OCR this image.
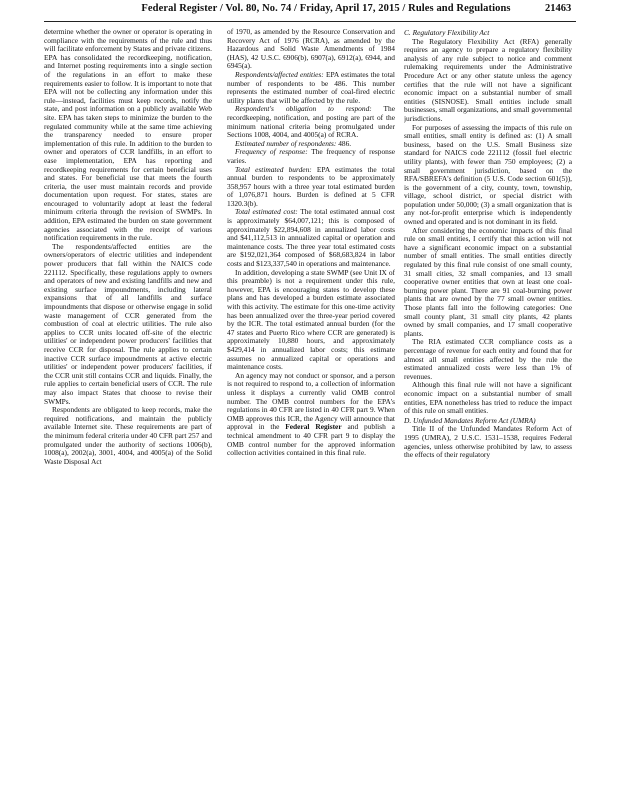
Federal Register / Vol. 80, No. 74 / Friday, April 17, 2015 / Rules and Regulations	21463

determine whether the owner or operator is operating in compliance with the requirements of the rule and thus will facilitate enforcement by States and private citizens. EPA has consolidated the recordkeeping, notification, and Internet posting requirements into a single section of the regulations in an effort to make these requirements easier to follow. It is important to note that EPA will not be collecting any information under this rule—instead, facilities must keep records, notify the state, and post information on a publicly available Web site. EPA has taken steps to minimize the burden to the regulated community while at the same time achieving the transparency needed to ensure proper implementation of this rule. In addition to the burden to owner and operators of CCR landfills, in an effort to ease implementation, EPA has reporting and recordkeeping requirements for certain beneficial uses and states. For beneficial use that meets the fourth criteria, the user must maintain records and provide documentation upon request. For states, states are encouraged to voluntarily adopt at least the federal minimum criteria through the revision of SWMPs. In addition, EPA estimated the burden on state government agencies associated with the receipt of various notification requirements in the rule.

The respondents/affected entities are the owners/operators of electric utilities and independent power producers that fall within the NAICS code 221112. Specifically, these regulations apply to owners and operators of new and existing landfills and new and existing surface impoundments, including lateral expansions that of all landfills and surface impoundments that dispose or otherwise engage in solid waste management of CCR generated from the combustion of coal at electric utilities. The rule also applies to CCR units located off-site of the electric utilities' or independent power producers' facilities that receive CCR for disposal. The rule applies to certain inactive CCR surface impoundments at active electric utilities' or independent power producers' facilities, if the CCR unit still contains CCR and liquids. Finally, the rule applies to certain beneficial users of CCR. The rule may also impact States that choose to revise their SWMPs.

Respondents are obligated to keep records, make the required notifications, and maintain the publicly available Internet site. These requirements are part of the minimum federal criteria under 40 CFR part 257 and promulgated under the authority of sections 1006(b), 1008(a), 2002(a), 3001, 4004, and 4005(a) of the Solid Waste Disposal Act

of 1970, as amended by the Resource Conservation and Recovery Act of 1976 (RCRA), as amended by the Hazardous and Solid Waste Amendments of 1984 (HAS), 42 U.S.C. 6906(b), 6907(a), 6912(a), 6944, and 6945(a).

Respondents/affected entities: EPA estimates the total number of respondents to be 486. This number represents the estimated number of coal-fired electric utility plants that will be affected by the rule.

Respondent's obligation to respond: The recordkeeping, notification, and posting are part of the minimum national criteria being promulgated under Sections 1008, 4004, and 4005(a) of RCRA.

Estimated number of respondents: 486.

Frequency of response: The frequency of response varies.

Total estimated burden: EPA estimates the total annual burden to respondents to be approximately 358,957 hours with a three year total estimated burden of 1,076,871 hours. Burden is defined at 5 CFR 1320.3(b).

Total estimated cost: The total estimated annual cost is approximately $64,007,121; this is composed of approximately $22,894,608 in annualized labor costs and $41,112,513 in annualized capital or operation and maintenance costs. The three year total estimated costs are $192,021,364 composed of $68,683,824 in labor costs and $123,337,540 in operations and maintenance.

In addition, developing a state SWMP (see Unit IX of this preamble) is not a requirement under this rule, however, EPA is encouraging states to develop these plans and has developed a burden estimate associated with this activity. The estimate for this one-time activity has been annualized over the three-year period covered by the ICR. The total estimated annual burden (for the 47 states and Puerto Rico where CCR are generated) is approximately 10,880 hours, and approximately $429,414 in annualized labor costs; this estimate assumes no annualized capital or operations and maintenance costs.

An agency may not conduct or sponsor, and a person is not required to respond to, a collection of information unless it displays a currently valid OMB control number. The OMB control numbers for the EPA's regulations in 40 CFR are listed in 40 CFR part 9. When OMB approves this ICR, the Agency will announce that approval in the Federal Register and publish a technical amendment to 40 CFR part 9 to display the OMB control number for the approved information collection activities contained in this final rule.

C. Regulatory Flexibility Act

The Regulatory Flexibility Act (RFA) generally requires an agency to prepare a regulatory flexibility analysis of any rule subject to notice and comment rulemaking requirements under the Administrative Procedure Act or any other statute unless the agency certifies that the rule will not have a significant economic impact on a substantial number of small entities (SISNOSE). Small entities include small businesses, small organizations, and small governmental jurisdictions.

For purposes of assessing the impacts of this rule on small entities, small entity is defined as: (1) A small business, based on the U.S. Small Business size standard for NAICS code 221112 (fossil fuel electric utility plants), with fewer than 750 employees; (2) a small government jurisdiction, based on the RFA/SBREFA's definition (5 U.S. Code section 601(5)), is the government of a city, county, town, township, village, school district, or special district with population under 50,000; (3) a small organization that is any not-for-profit enterprise which is independently owned and operated and is not dominant in its field.

After considering the economic impacts of this final rule on small entities, I certify that this action will not have a significant economic impact on a substantial number of small entities. The small entities directly regulated by this final rule consist of one small county, 31 small cities, 32 small companies, and 13 small cooperative owner entities that own at least one coal-burning power plant. There are 91 coal-burning power plants that are owned by the 77 small owner entities. Those plants fall into the following categories: One small county plant, 31 small city plants, 42 plants owned by small companies, and 17 small cooperative plants.

The RIA estimated CCR compliance costs as a percentage of revenue for each entity and found that for almost all small entities affected by the rule the estimated annualized costs were less than 1% of revenues.

Although this final rule will not have a significant economic impact on a substantial number of small entities, EPA nonetheless has tried to reduce the impact of this rule on small entities.

D. Unfunded Mandates Reform Act (UMRA)

Title II of the Unfunded Mandates Reform Act of 1995 (UMRA), 2 U.S.C. 1531–1538, requires Federal agencies, unless otherwise prohibited by law, to assess the effects of their regulatory
